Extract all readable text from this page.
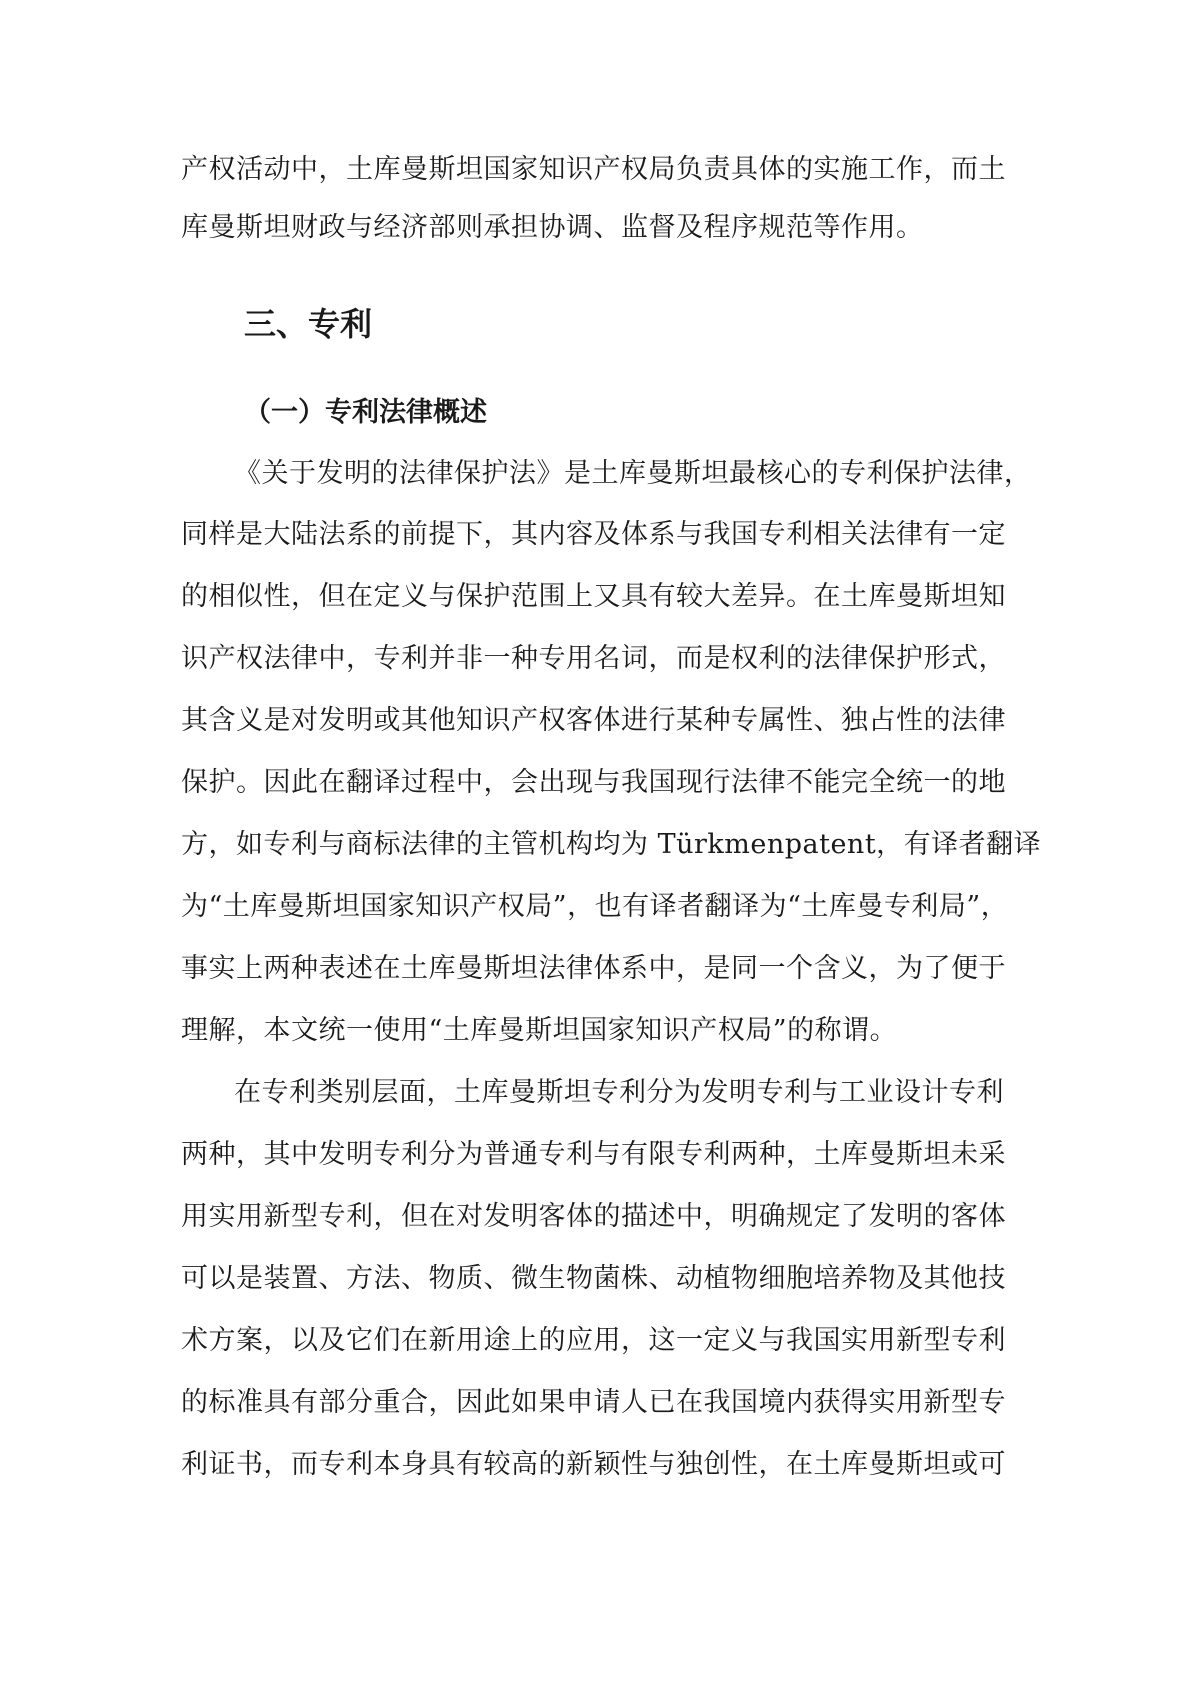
产权活动中，土库曼斯坦国家知识产权局负责具体的实施工作，而土
库曼斯坦财政与经济部则承担协调、监督及程序规范等作用。
三、专利
（一）专利法律概述
《关于发明的法律保护法》是土库曼斯坦最核心的专利保护法律，
同样是大陆法系的前提下，其内容及体系与我国专利相关法律有一定
的相似性，但在定义与保护范围上又具有较大差异。在土库曼斯坦知
识产权法律中，专利并非一种专用名词，而是权利的法律保护形式，
其含义是对发明或其他知识产权客体进行某种专属性、独占性的法律
保护。因此在翻译过程中，会出现与我国现行法律不能完全统一的地
方，如专利与商标法律的主管机构均为 Türkmenpatent，有译者翻译
为“土库曼斯坦国家知识产权局”，也有译者翻译为“土库曼专利局”，
事实上两种表述在土库曼斯坦法律体系中，是同一个含义，为了便于
理解，本文统一使用“土库曼斯坦国家知识产权局”的称谓。
在专利类别层面，土库曼斯坦专利分为发明专利与工业设计专利
两种，其中发明专利分为普通专利与有限专利两种，土库曼斯坦未采
用实用新型专利，但在对发明客体的描述中，明确规定了发明的客体
可以是装置、方法、物质、微生物菌株、动植物细胞培养物及其他技
术方案，以及它们在新用途上的应用，这一定义与我国实用新型专利
的标准具有部分重合，因此如果申请人已在我国境内获得实用新型专
利证书，而专利本身具有较高的新颖性与独创性，在土库曼斯坦或可
